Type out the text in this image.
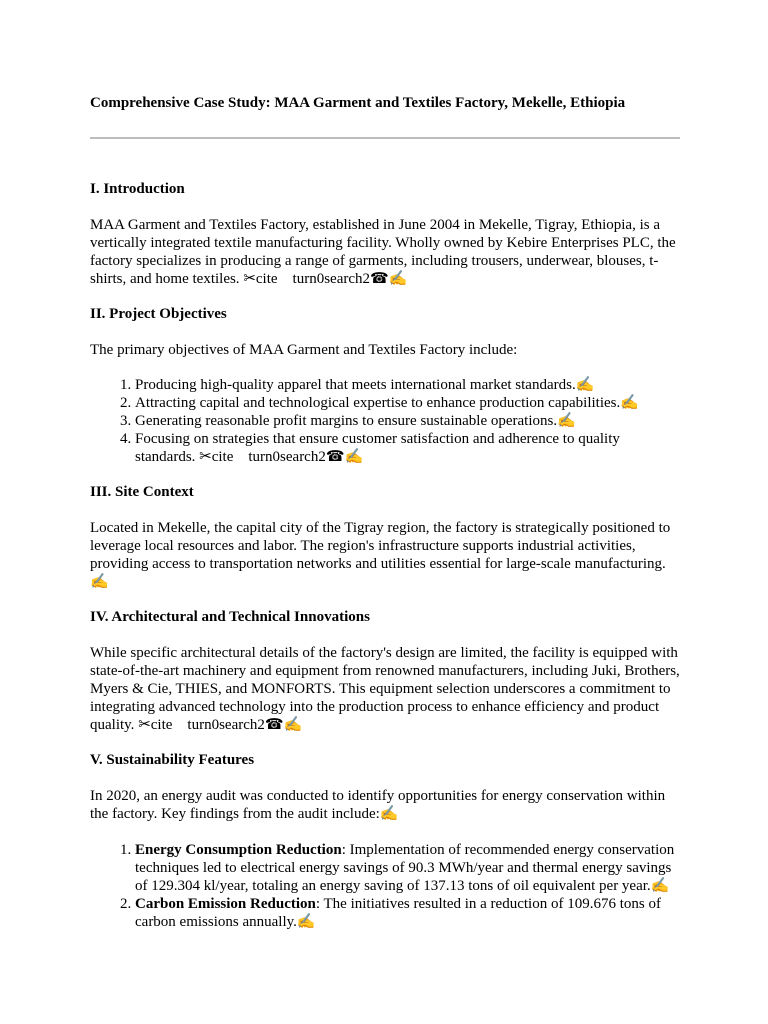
Comprehensive Case Study: MAA Garment and Textiles Factory, Mekelle, Ethiopia

I. Introduction

MAA Garment and Textiles Factory, established in June 2004 in Mekelle, Tigray, Ethiopia, is a vertically integrated textile manufacturing facility. Wholly owned by Kebire Enterprises PLC, the factory specializes in producing a range of garments, including trousers, underwear, blouses, t-shirts, and home textiles. ✂cite    turn0search2☎✍

II. Project Objectives

The primary objectives of MAA Garment and Textiles Factory include:

1. Producing high-quality apparel that meets international market standards.✍
2. Attracting capital and technological expertise to enhance production capabilities.✍
3. Generating reasonable profit margins to ensure sustainable operations.✍
4. Focusing on strategies that ensure customer satisfaction and adherence to quality standards. ✂cite    turn0search2☎✍
III. Site Context

Located in Mekelle, the capital city of the Tigray region, the factory is strategically positioned to leverage local resources and labor. The region's infrastructure supports industrial activities, providing access to transportation networks and utilities essential for large-scale manufacturing.✍

IV. Architectural and Technical Innovations

While specific architectural details of the factory's design are limited, the facility is equipped with state-of-the-art machinery and equipment from renowned manufacturers, including Juki, Brothers, Myers & Cie, THIES, and MONFORTS. This equipment selection underscores a commitment to integrating advanced technology into the production process to enhance efficiency and product quality. ✂cite    turn0search2☎✍

V. Sustainability Features

In 2020, an energy audit was conducted to identify opportunities for energy conservation within the factory. Key findings from the audit include:✍

1. Energy Consumption Reduction: Implementation of recommended energy conservation techniques led to electrical energy savings of 90.3 MWh/year and thermal energy savings of 129.304 kl/year, totaling an energy saving of 137.13 tons of oil equivalent per year.✍
2. Carbon Emission Reduction: The initiatives resulted in a reduction of 109.676 tons of carbon emissions annually.✍
